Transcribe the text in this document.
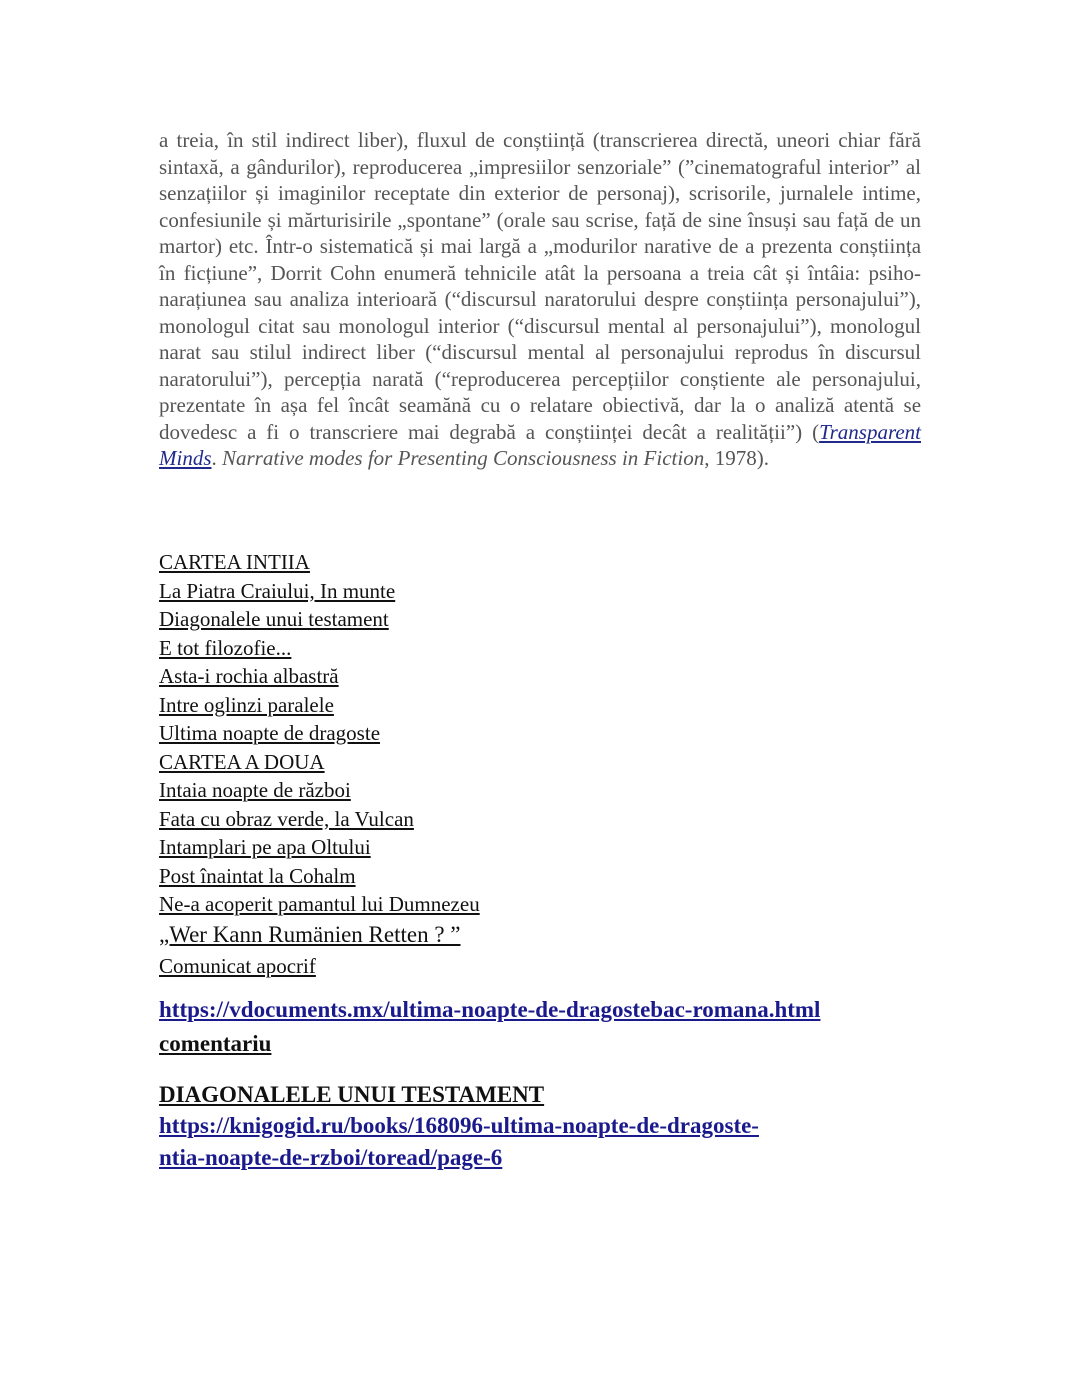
a treia, în stil indirect liber), fluxul de conștiință (transcrierea directă, uneori chiar fără sintaxă, a gândurilor), reproducerea „impresiilor senzoriale” (”cinematograful interior” al senzațiilor și imaginilor receptate din exterior de personaj), scrisorile, jurnalele intime, confesiunile și mărturisirile „spontane” (orale sau scrise, față de sine însuși sau față de un martor) etc. Într-o sistematică și mai largă a „modurilor narative de a prezenta conștiința în ficțiune”, Dorrit Cohn enumeră tehnicile atât la persoana a treia cât și întâia: psiho-narațiunea sau analiza interioară (“discursul naratorului despre conștiința personajului”), monologul citat sau monologul interior (“discursul mental al personajului”), monologul narat sau stilul indirect liber (“discursul mental al personajului reprodus în discursul naratorului”), percepția narată (“reproducerea percepțiilor conștiente ale personajului, prezentate în așa fel încât seamănă cu o relatare obiectivă, dar la o analiză atentă se dovedesc a fi o transcriere mai degrabă a conștiinței decât a realității”) (Transparent Minds. Narrative modes for Presenting Consciousness in Fiction, 1978).

CARTEA INTIIA
La Piatra Craiului, In munte
Diagonalele unui testament
E tot filozofie...
Asta-i rochia albastră
Intre oglinzi paralele
Ultima noapte de dragoste
CARTEA A DOUA
Intaia noapte de război
Fata cu obraz verde, la Vulcan
Intamplari pe apa Oltului
Post înaintat la Cohalm
Ne-a acoperit pamantul lui Dumnezeu
„Wer Kann Rumänien Retten ? ”
Comunicat apocrif

https://vdocuments.mx/ultima-noapte-de-dragostebac-romana.html

comentariu

DIAGONALELE UNUI TESTAMENT

https://knigogid.ru/books/168096-ultima-noapte-de-dragoste-

ntia-noapte-de-rzboi/toread/page-6
